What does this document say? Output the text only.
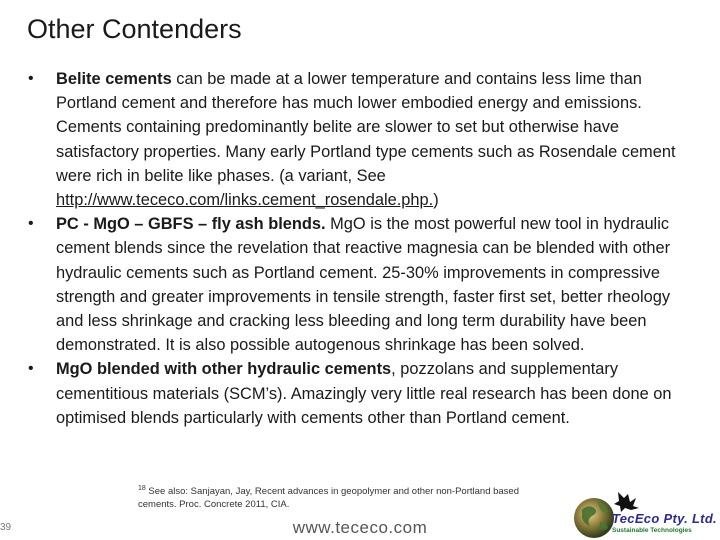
Other Contenders
•	Belite cements can be made at a lower temperature and contains less lime than Portland cement and therefore has much lower embodied energy and emissions. Cements containing predominantly belite are slower to set but otherwise have satisfactory properties. Many early Portland type cements such as Rosendale cement were rich in belite like phases. (a variant, See http://www.tececo.com/links.cement_rosendale.php.)
•	PC - MgO – GBFS – fly ash blends. MgO is the most powerful new tool in hydraulic cement blends since the revelation that reactive magnesia can be blended with other hydraulic cements such as Portland cement. 25-30% improvements in compressive strength and greater improvements in tensile strength, faster first set, better rheology and less shrinkage and cracking less bleeding and long term durability have been demonstrated. It is also possible autogenous shrinkage has been solved.
•	MgO blended with other hydraulic cements, pozzolans and supplementary cementitious materials (SCM’s). Amazingly very little real research has been done on optimised blends particularly with cements other than Portland cement.
$^{18}$ See also: Sanjayan, Jay, Recent advances in geopolymer and other non-Portland based cements. Proc. Concrete 2011, CIA.
39	www.tececo.com	TecEco Pty. Ltd.
Sustainable Technologies
